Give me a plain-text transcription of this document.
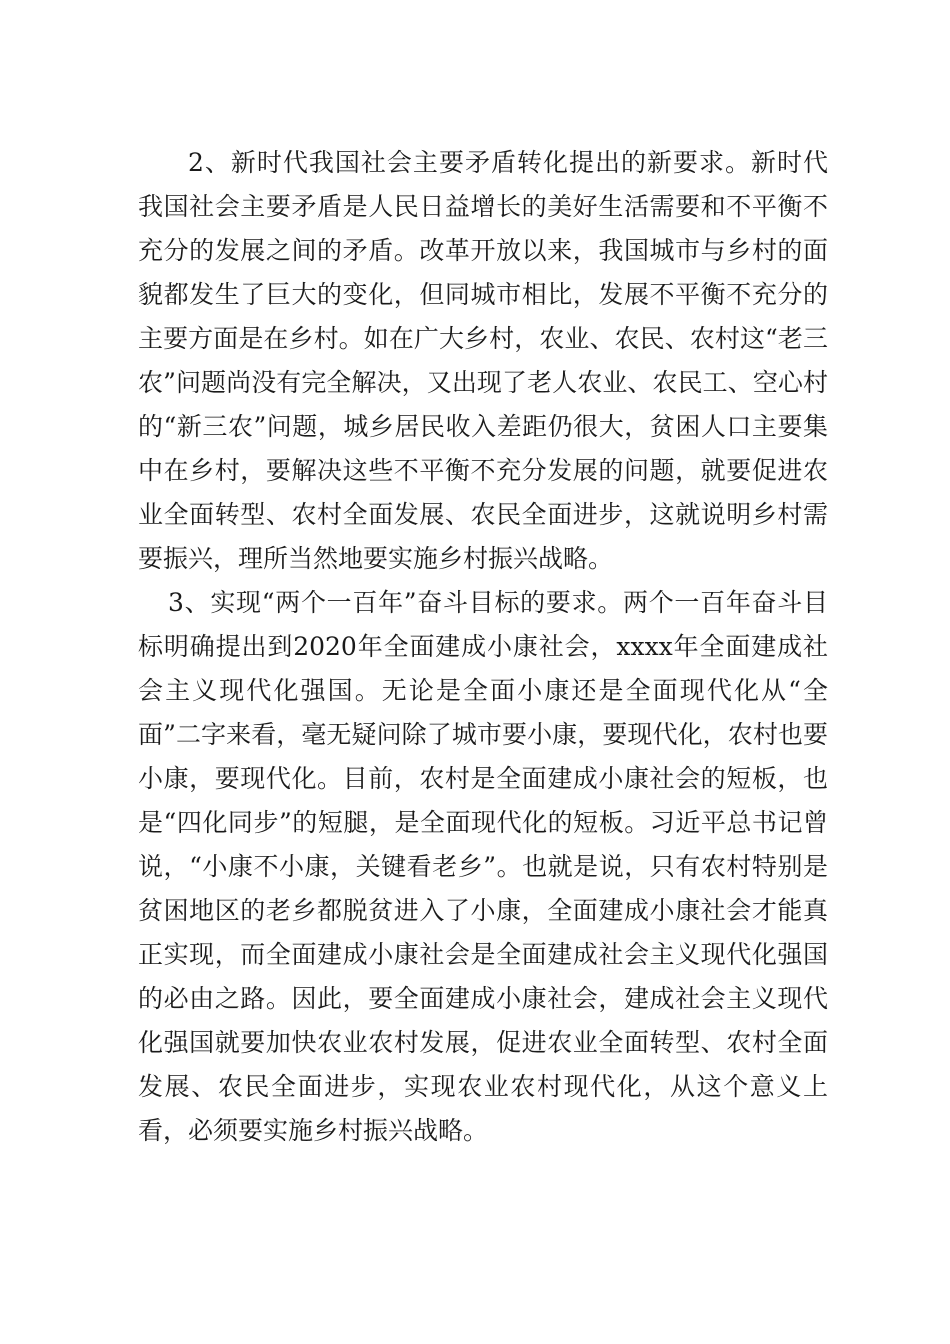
2、新时代我国社会主要矛盾转化提出的新要求。新时代我国社会主要矛盾是人民日益增长的美好生活需要和不平衡不充分的发展之间的矛盾。改革开放以来，我国城市与乡村的面貌都发生了巨大的变化，但同城市相比，发展不平衡不充分的主要方面是在乡村。如在广大乡村，农业、农民、农村这“老三农”问题尚没有完全解决，又出现了老人农业、农民工、空心村的“新三农”问题，城乡居民收入差距仍很大，贫困人口主要集中在乡村，要解决这些不平衡不充分发展的问题，就要促进农业全面转型、农村全面发展、农民全面进步，这就说明乡村需要振兴，理所当然地要实施乡村振兴战略。

3、实现“两个一百年”奋斗目标的要求。两个一百年奋斗目标明确提出到2020年全面建成小康社会，xxxx年全面建成社会主义现代化强国。无论是全面小康还是全面现代化从“全面”二字来看，毫无疑问除了城市要小康，要现代化，农村也要小康，要现代化。目前，农村是全面建成小康社会的短板，也是“四化同步”的短腿，是全面现代化的短板。习近平总书记曾说，“小康不小康，关键看老乡”。也就是说，只有农村特别是贫困地区的老乡都脱贫进入了小康，全面建成小康社会才能真正实现，而全面建成小康社会是全面建成社会主义现代化强国的必由之路。因此，要全面建成小康社会，建成社会主义现代化强国就要加快农业农村发展，促进农业全面转型、农村全面发展、农民全面进步，实现农业农村现代化，从这个意义上看，必须要实施乡村振兴战略。
